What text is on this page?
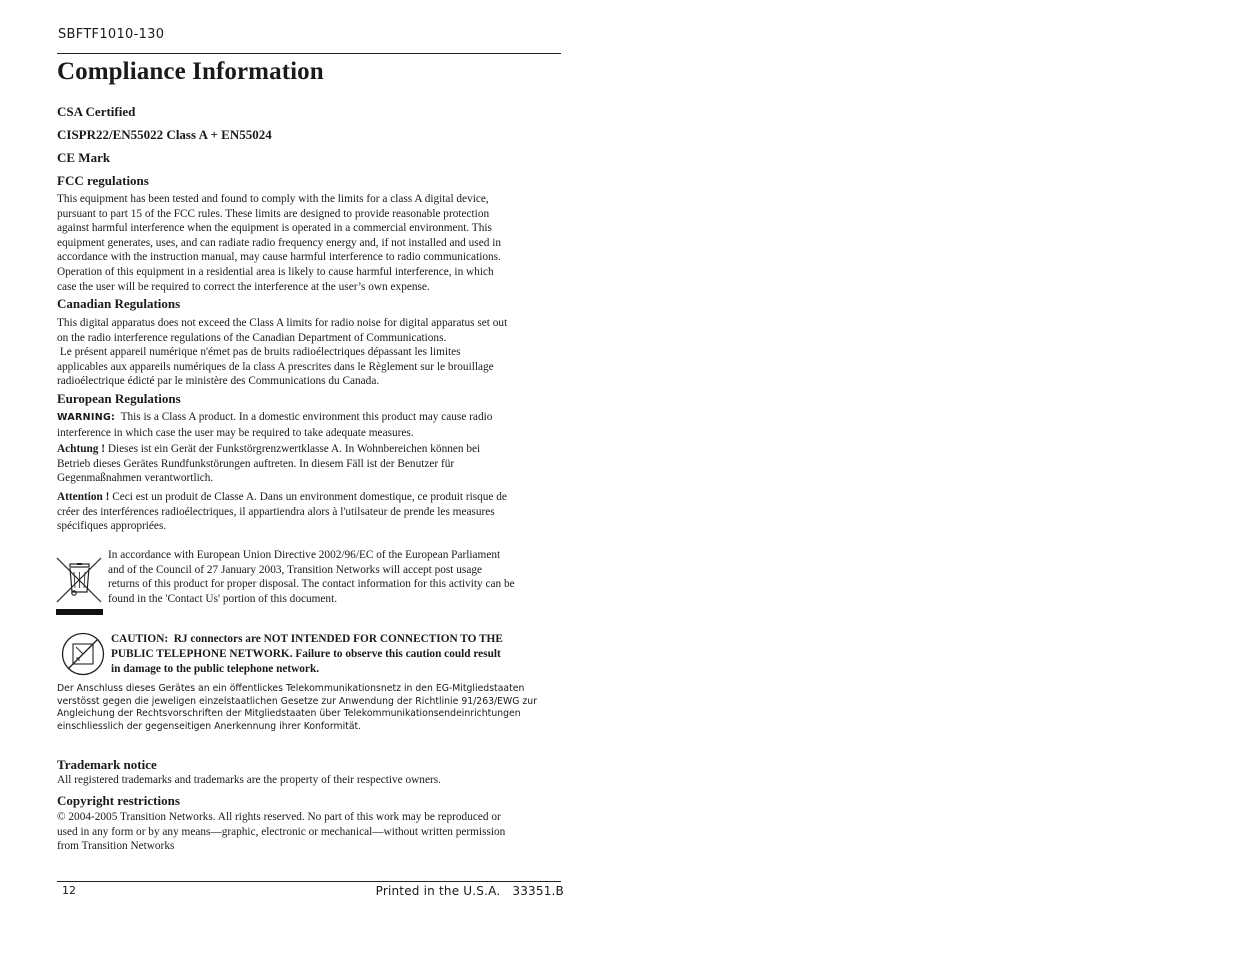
SBFTF1010-130
Compliance Information
CSA Certified
CISPR22/EN55022 Class A + EN55024
CE Mark
FCC regulations
This equipment has been tested and found to comply with the limits for a class A digital device,
pursuant to part 15 of the FCC rules. These limits are designed to provide reasonable protection
against harmful interference when the equipment is operated in a commercial environment. This
equipment generates, uses, and can radiate radio frequency energy and, if not installed and used in
accordance with the instruction manual, may cause harmful interference to radio communications.
Operation of this equipment in a residential area is likely to cause harmful interference, in which
case the user will be required to correct the interference at the user’s own expense.
Canadian Regulations
This digital apparatus does not exceed the Class A limits for radio noise for digital apparatus set out
on the radio interference regulations of the Canadian Department of Communications.
Le présent appareil numérique n'émet pas de bruits radioélectriques dépassant les limites
applicables aux appareils numériques de la class A prescrites dans le Règlement sur le brouillage
radioélectrique édicté par le ministère des Communications du Canada.
European Regulations
WARNING:  This is a Class A product. In a domestic environment this product may cause radio
interference in which case the user may be required to take adequate measures.
Achtung ! Dieses ist ein Gerät der Funkstörgrenzwertklasse A. In Wohnbereichen können bei
Betrieb dieses Gerätes Rundfunkstörungen auftreten. In diesem Fäll ist der Benutzer für
Gegenmaßnahmen verantwortlich.
Attention ! Ceci est un produit de Classe A. Dans un environment domestique, ce produit risque de
créer des interférences radioélectriques, il appartiendra alors à l'utilsateur de prende les measures
spécifiques appropriées.
In accordance with European Union Directive 2002/96/EC of the European Parliament
and of the Council of 27 January 2003, Transition Networks will accept post usage
returns of this product for proper disposal. The contact information for this activity can be
found in the 'Contact Us' portion of this document.
CAUTION:  RJ connectors are NOT INTENDED FOR CONNECTION TO THE
PUBLIC TELEPHONE NETWORK. Failure to observe this caution could result
in damage to the public telephone network.
Der Anschluss dieses Gerätes an ein öffentlickes Telekommunikationsnetz in den EG-Mitgliedstaaten
verstösst gegen die jeweligen einzelstaatlichen Gesetze zur Anwendung der Richtlinie 91/263/EWG zur
Angleichung der Rechtsvorschriften der Mitgliedstaaten über Telekommunikationsendeinrichtungen
einschliesslich der gegenseitigen Anerkennung ihrer Konformität.
Trademark notice
All registered trademarks and trademarks are the property of their respective owners.
Copyright restrictions
© 2004-2005 Transition Networks. All rights reserved. No part of this work may be reproduced or
used in any form or by any means—graphic, electronic or mechanical—without written permission
from Transition Networks
12	Printed in the U.S.A.   33351.B
